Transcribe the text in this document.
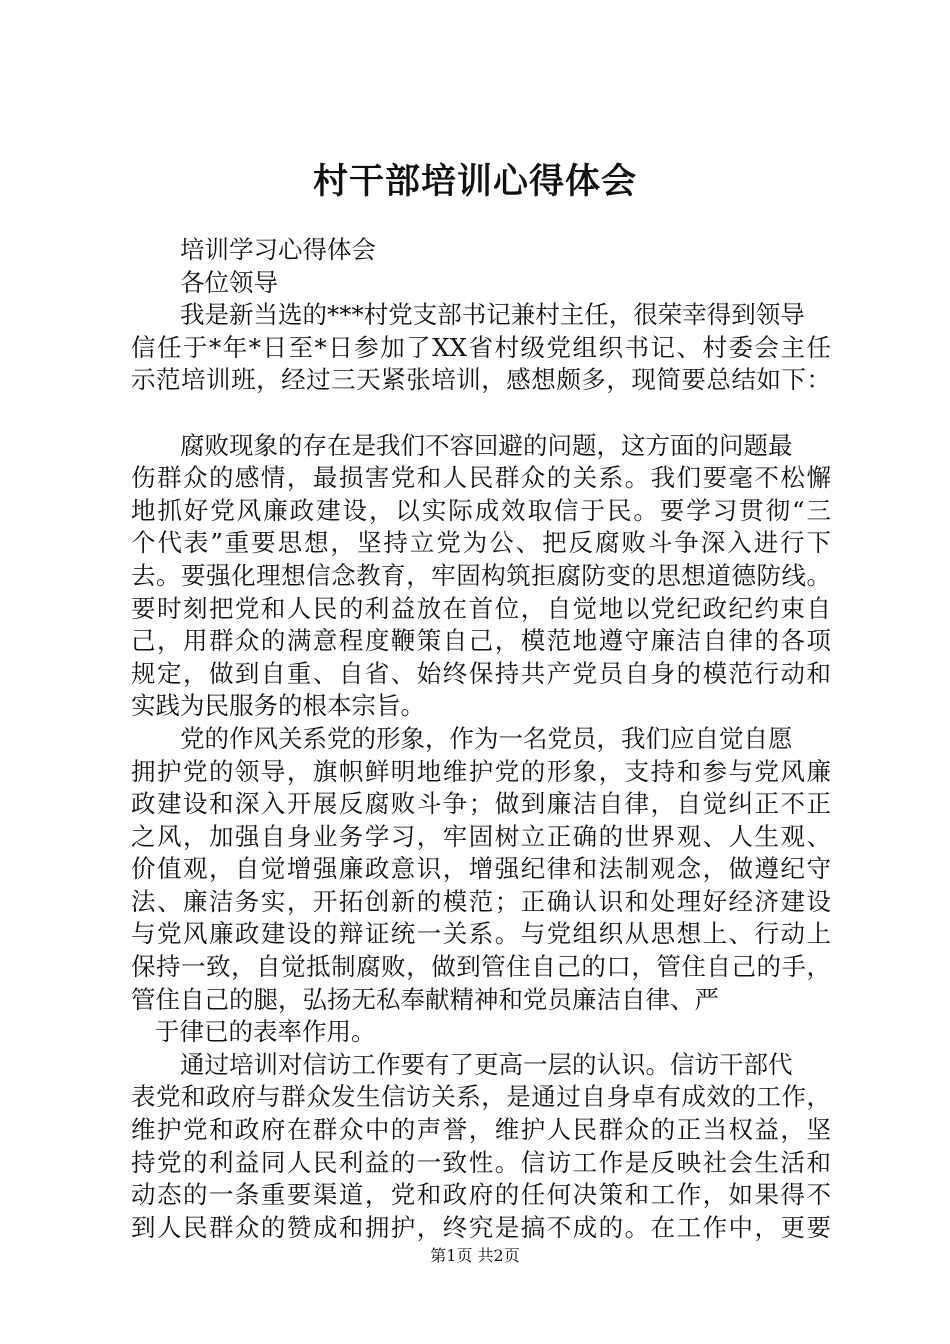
村干部培训心得体会
培训学习心得体会
各位领导
我是新当选的***村党支部书记兼村主任，很荣幸得到领导
信任于*年*日至*日参加了XX省村级党组织书记、村委会主任
示范培训班，经过三天紧张培训，感想颇多，现简要总结如下：
腐败现象的存在是我们不容回避的问题，这方面的问题最
伤群众的感情，最损害党和人民群众的关系。我们要毫不松懈
地抓好党风廉政建设，以实际成效取信于民。要学习贯彻“三
个代表”重要思想，坚持立党为公、把反腐败斗争深入进行下
去。要强化理想信念教育，牢固构筑拒腐防变的思想道德防线。
要时刻把党和人民的利益放在首位，自觉地以党纪政纪约束自
己，用群众的满意程度鞭策自己，模范地遵守廉洁自律的各项
规定，做到自重、自省、始终保持共产党员自身的模范行动和
实践为民服务的根本宗旨。
党的作风关系党的形象，作为一名党员，我们应自觉自愿
拥护党的领导，旗帜鲜明地维护党的形象，支持和参与党风廉
政建设和深入开展反腐败斗争；做到廉洁自律，自觉纠正不正
之风，加强自身业务学习，牢固树立正确的世界观、人生观、
价值观，自觉增强廉政意识，增强纪律和法制观念，做遵纪守
法、廉洁务实，开拓创新的模范；正确认识和处理好经济建设
与党风廉政建设的辩证统一关系。与党组织从思想上、行动上
保持一致，自觉抵制腐败，做到管住自己的口，管住自己的手，
管住自己的腿，弘扬无私奉献精神和党员廉洁自律、严
于律已的表率作用。
通过培训对信访工作要有了更高一层的认识。信访干部代
表党和政府与群众发生信访关系，是通过自身卓有成效的工作，
维护党和政府在群众中的声誉，维护人民群众的正当权益，坚
持党的利益同人民利益的一致性。信访工作是反映社会生活和
动态的一条重要渠道，党和政府的任何决策和工作，如果得不
到人民群众的赞成和拥护，终究是搞不成的。在工作中，更要
第1页 共2页
